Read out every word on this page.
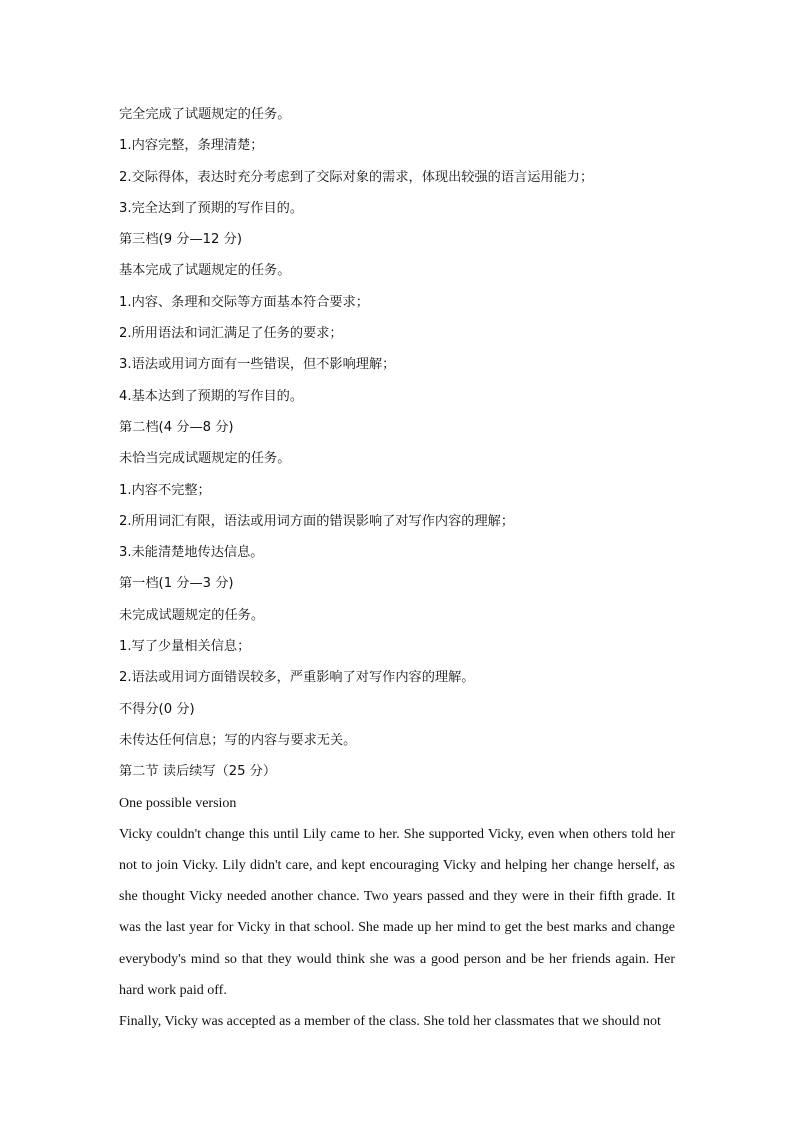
完全完成了试题规定的任务。
1.内容完整，条理清楚；
2.交际得体，表达时充分考虑到了交际对象的需求，体现出较强的语言运用能力；
3.完全达到了预期的写作目的。
第三档(9 分—12 分)
基本完成了试题规定的任务。
1.内容、条理和交际等方面基本符合要求；
2.所用语法和词汇满足了任务的要求；
3.语法或用词方面有一些错误，但不影响理解；
4.基本达到了预期的写作目的。
第二档(4 分—8 分)
未恰当完成试题规定的任务。
1.内容不完整；
2.所用词汇有限，语法或用词方面的错误影响了对写作内容的理解；
3.未能清楚地传达信息。
第一档(1 分—3 分)
未完成试题规定的任务。
1.写了少量相关信息；
2.语法或用词方面错误较多，严重影响了对写作内容的理解。
不得分(0 分)
未传达任何信息；写的内容与要求无关。
第二节 读后续写（25 分）
One possible version
Vicky couldn't change this until Lily came to her. She supported Vicky, even when others told her not to join Vicky. Lily didn't care, and kept encouraging Vicky and helping her change herself, as she thought Vicky needed another chance. Two years passed and they were in their fifth grade. It was the last year for Vicky in that school. She made up her mind to get the best marks and change everybody's mind so that they would think she was a good person and be her friends again. Her hard work paid off.
Finally, Vicky was accepted as a member of the class. She told her classmates that we should not
